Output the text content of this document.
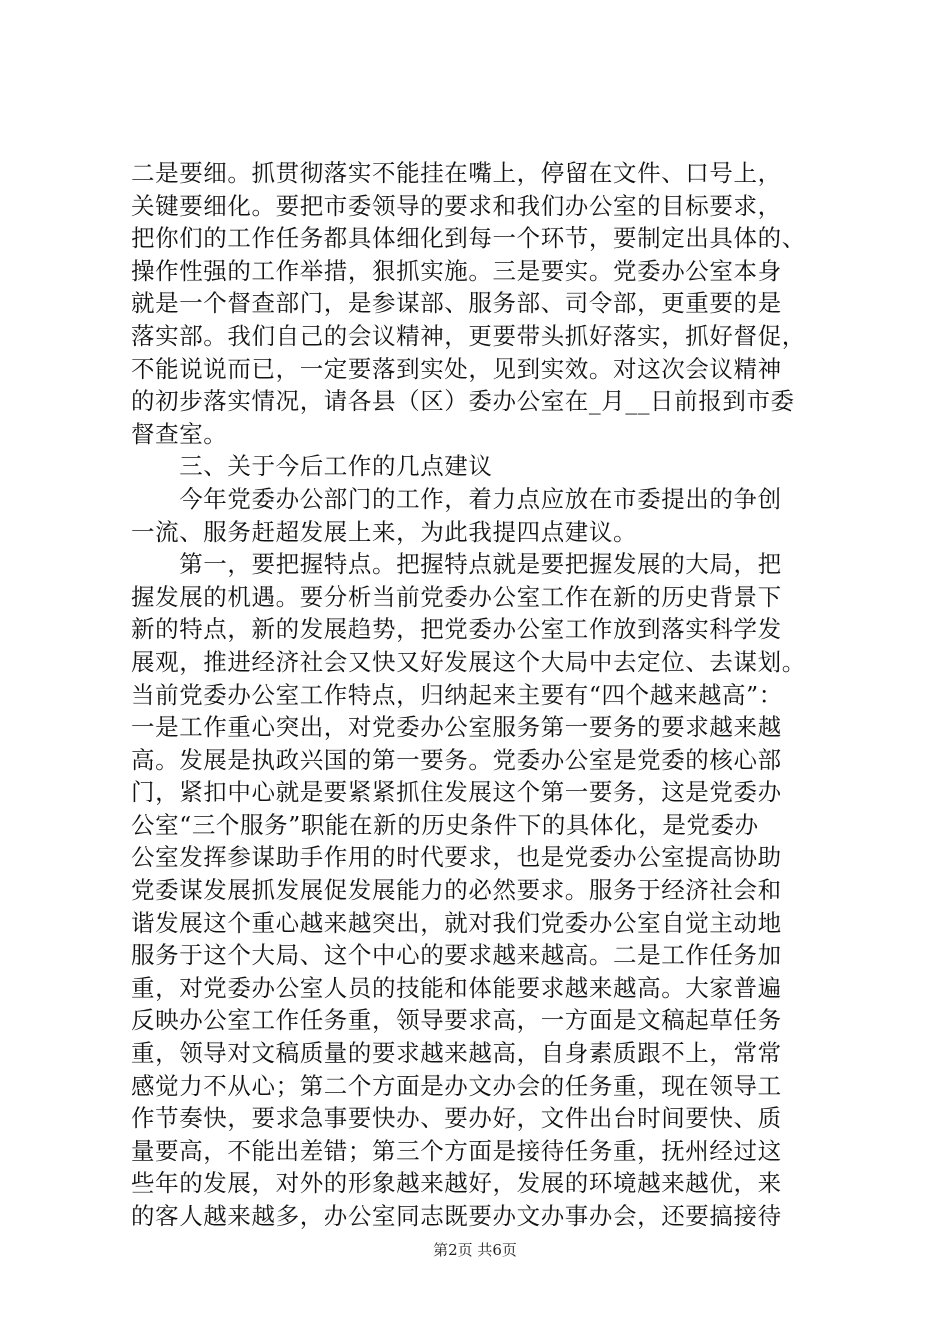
二是要细。抓贯彻落实不能挂在嘴上，停留在文件、口号上，
关键要细化。要把市委领导的要求和我们办公室的目标要求，
把你们的工作任务都具体细化到每一个环节，要制定出具体的、
操作性强的工作举措，狠抓实施。三是要实。党委办公室本身
就是一个督查部门，是参谋部、服务部、司令部，更重要的是
落实部。我们自己的会议精神，更要带头抓好落实，抓好督促，
不能说说而已，一定要落到实处，见到实效。对这次会议精神
的初步落实情况，请各县（区）委办公室在_月__日前报到市委
督查室。
　　三、关于今后工作的几点建议
　　今年党委办公部门的工作，着力点应放在市委提出的争创
一流、服务赶超发展上来，为此我提四点建议。
　　第一，要把握特点。把握特点就是要把握发展的大局，把
握发展的机遇。要分析当前党委办公室工作在新的历史背景下
新的特点，新的发展趋势，把党委办公室工作放到落实科学发
展观，推进经济社会又快又好发展这个大局中去定位、去谋划。
当前党委办公室工作特点，归纳起来主要有“四个越来越高”：
一是工作重心突出，对党委办公室服务第一要务的要求越来越
高。发展是执政兴国的第一要务。党委办公室是党委的核心部
门，紧扣中心就是要紧紧抓住发展这个第一要务，这是党委办
公室“三个服务”职能在新的历史条件下的具体化，是党委办
公室发挥参谋助手作用的时代要求，也是党委办公室提高协助
党委谋发展抓发展促发展能力的必然要求。服务于经济社会和
谐发展这个重心越来越突出，就对我们党委办公室自觉主动地
服务于这个大局、这个中心的要求越来越高。二是工作任务加
重，对党委办公室人员的技能和体能要求越来越高。大家普遍
反映办公室工作任务重，领导要求高，一方面是文稿起草任务
重，领导对文稿质量的要求越来越高，自身素质跟不上，常常
感觉力不从心；第二个方面是办文办会的任务重，现在领导工
作节奏快，要求急事要快办、要办好，文件出台时间要快、质
量要高，不能出差错；第三个方面是接待任务重，抚州经过这
些年的发展，对外的形象越来越好，发展的环境越来越优，来
的客人越来越多，办公室同志既要办文办事办会，还要搞接待
第2页 共6页
